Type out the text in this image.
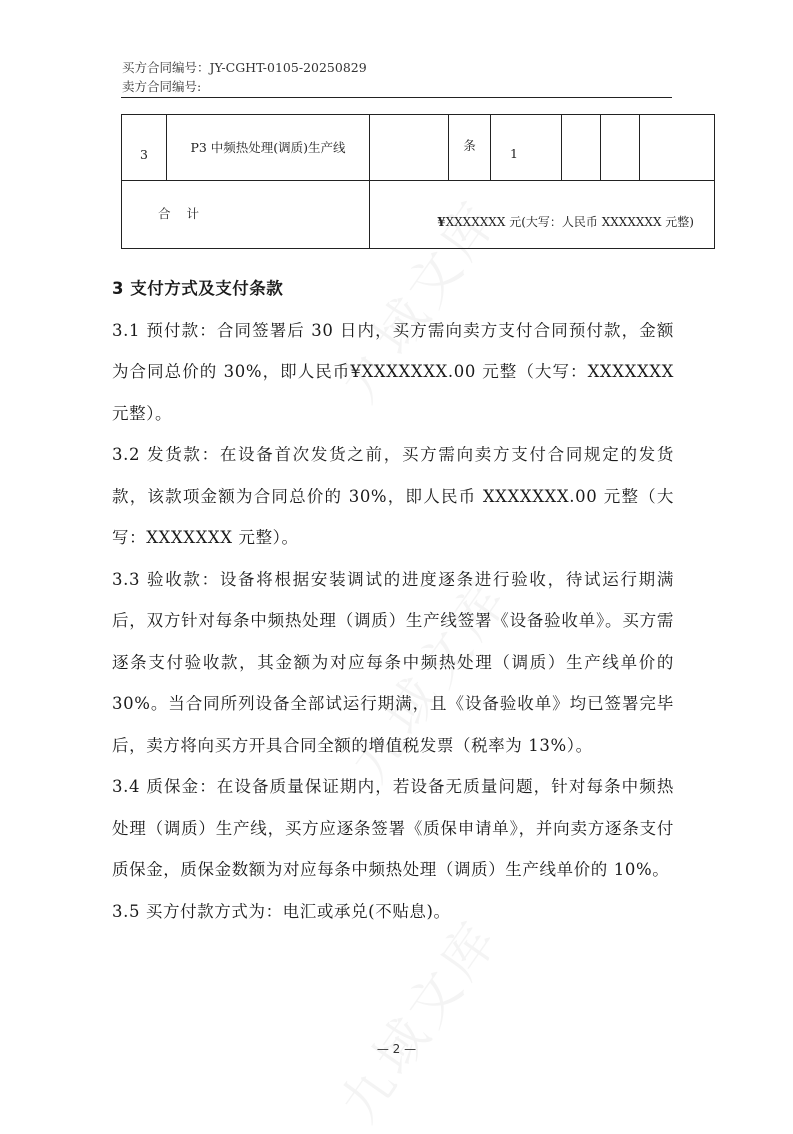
买方合同编号：JY-CGHT-0105-20250829
卖方合同编号:
3	P3 中频热处理(调质)生产线		条	1			
合 计		¥XXXXXXX 元(大写：人民币 XXXXXXX 元整)					

3 支付方式及支付条款

3.1 预付款：合同签署后 30 日内，买方需向卖方支付合同预付款，金额为合同总价的 30%，即人民币¥XXXXXXX.00 元整（大写：XXXXXXX 元整）。

3.2 发货款：在设备首次发货之前，买方需向卖方支付合同规定的发货款，该款项金额为合同总价的 30%，即人民币 XXXXXXX.00 元整（大写：XXXXXXX 元整）。

3.3 验收款：设备将根据安装调试的进度逐条进行验收，待试运行期满后，双方针对每条中频热处理（调质）生产线签署《设备验收单》。买方需逐条支付验收款，其金额为对应每条中频热处理（调质）生产线单价的 30%。当合同所列设备全部试运行期满，且《设备验收单》均已签署完毕后，卖方将向买方开具合同全额的增值税发票（税率为 13%）。

3.4 质保金：在设备质量保证期内，若设备无质量问题，针对每条中频热处理（调质）生产线，买方应逐条签署《质保申请单》，并向卖方逐条支付质保金，质保金数额为对应每条中频热处理（调质）生产线单价的 10%。

3.5 买方付款方式为：电汇或承兑(不贴息)。

— 2 —
